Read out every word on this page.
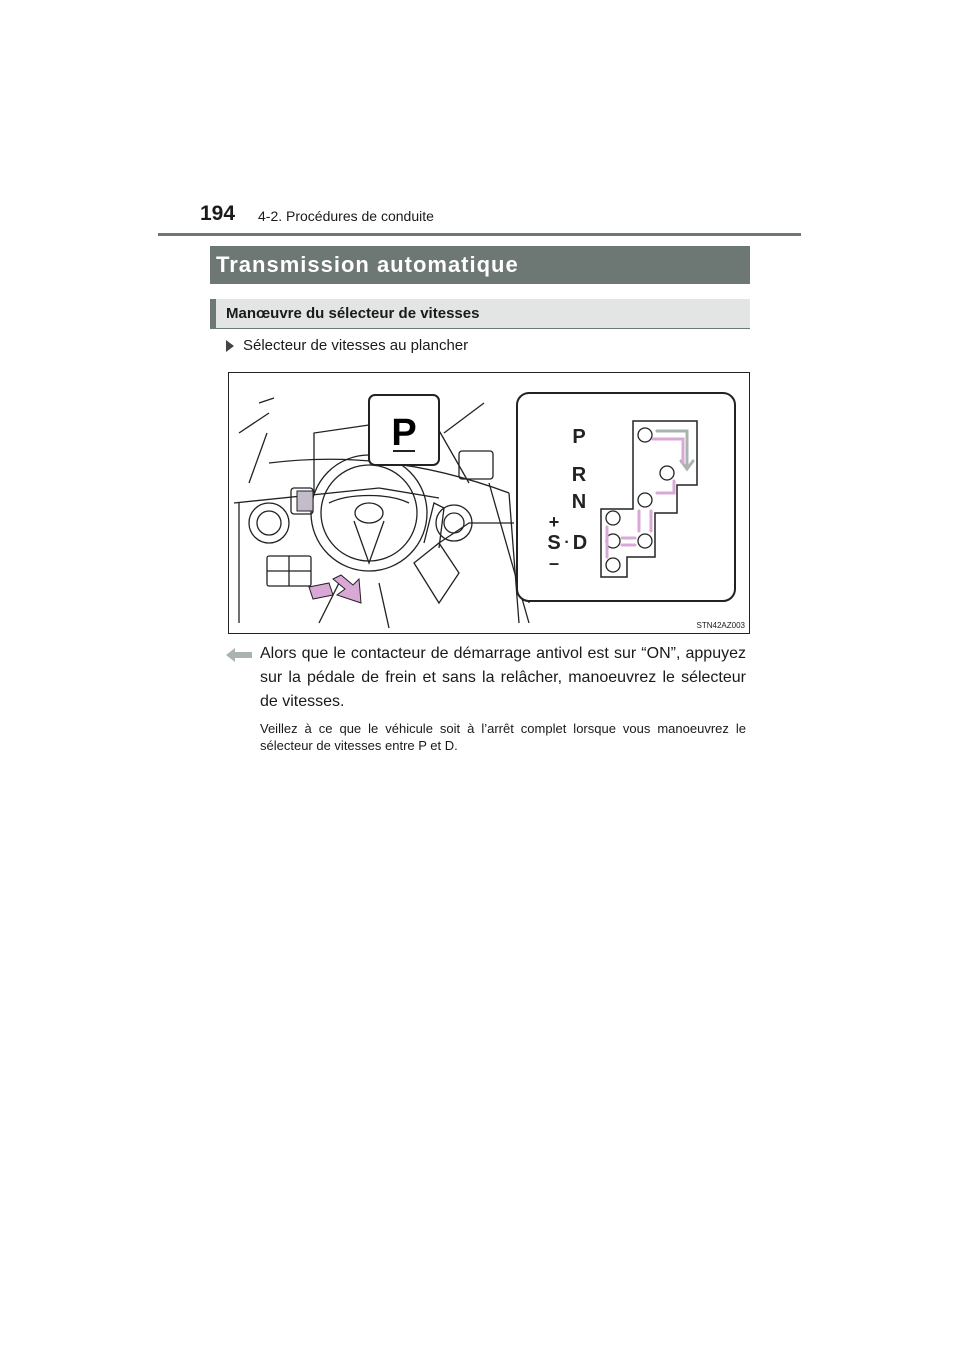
194 4-2. Procédures de conduite
Transmission automatique
Manœuvre du sélecteur de vitesses
Sélecteur de vitesses au plancher
P	P
R
N
+
S · D
–
STN42AZ003

Alors que le contacteur de démarrage antivol est sur “ON”, appuyez sur la pédale de frein et sans la relâcher, manoeuvrez le sélecteur de vitesses.

Veillez à ce que le véhicule soit à l’arrêt complet lorsque vous manoeuvrez le sélecteur de vitesses entre P et D.
